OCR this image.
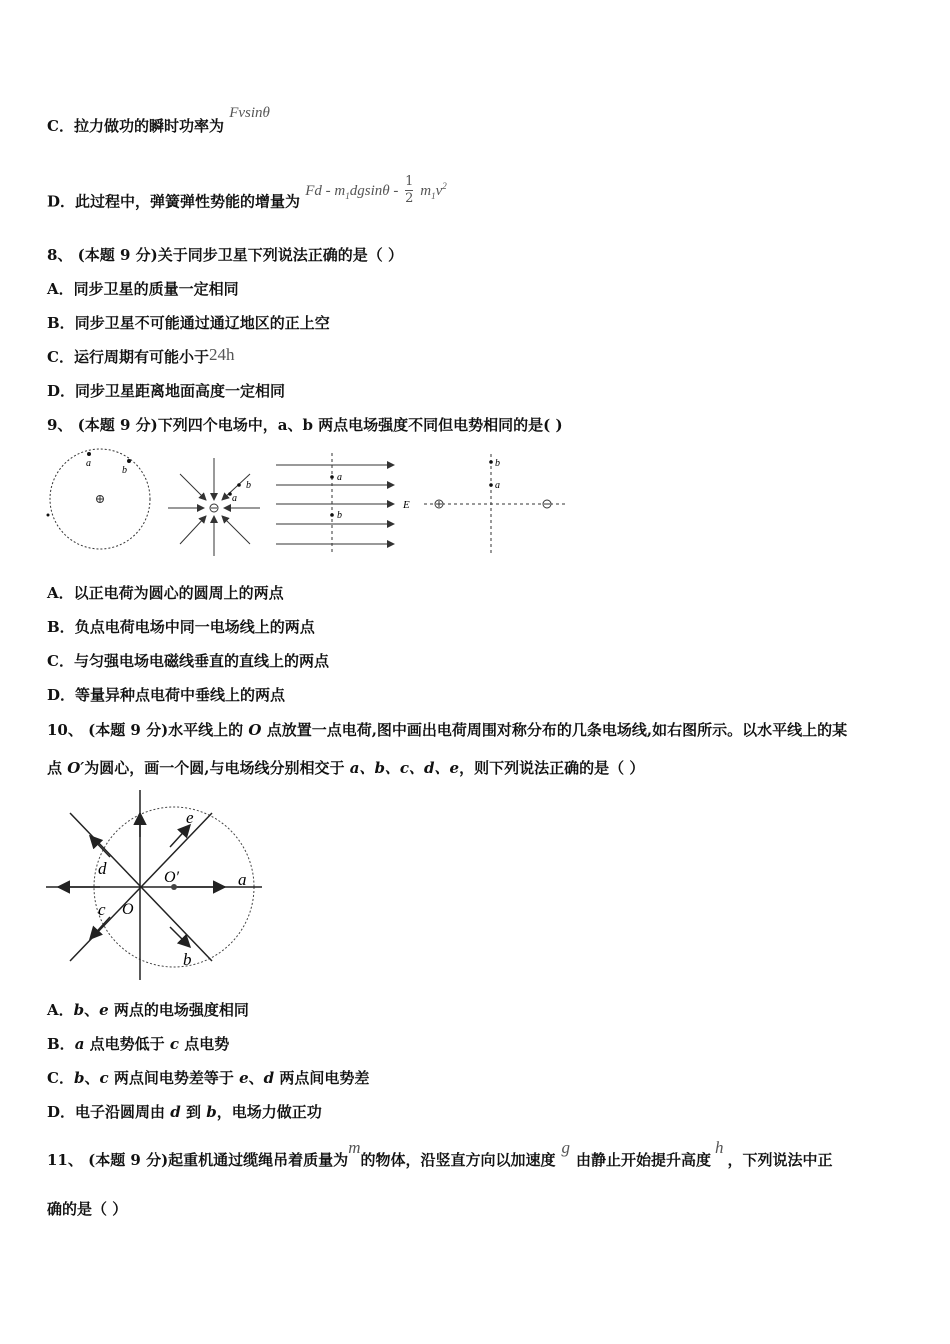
C．拉力做功的瞬时功率为 Fvsinθ
D．此过程中，弹簧弹性势能的增量为 Fd - $m_1dgsin\theta - \frac{1}{2} m_1v^2$
8、 (本题 9 分)关于同步卫星下列说法正确的是（ ）
A．同步卫星的质量一定相同
B．同步卫星不可能通过通辽地区的正上空
C．运行周期有可能小于24h
D．同步卫星距离地面高度一定相同
9、 (本题 9 分)下列四个电场中，a、b 两点电场强度不同但电势相同的是( )
a
b
b
a
a
b
E
b
a
A．以正电荷为圆心的圆周上的两点
B．负点电荷电场中同一电场线上的两点
C．与匀强电场电磁线垂直的直线上的两点
D．等量异种点电荷中垂线上的两点
10、 (本题 9 分)水平线上的 O 点放置一点电荷,图中画出电荷周围对称分布的几条电场线,如右图所示。以水平线上的某
点 O′为圆心，画一个圆,与电场线分别相交于 a、b、c、d、e，则下列说法正确的是（ ）
a
b
c
d
e
O
O′
A．b、e 两点的电场强度相同
B．a 点电势低于 c 点电势
C．b、c 两点间电势差等于 e、d 两点间电势差
D．电子沿圆周由 d 到 b，电场力做正功
11、 (本题 9 分)起重机通过缆绳吊着质量为m的物体，沿竖直方向以加速度g由静止开始提升高度h，下列说法中正
确的是（ ）
